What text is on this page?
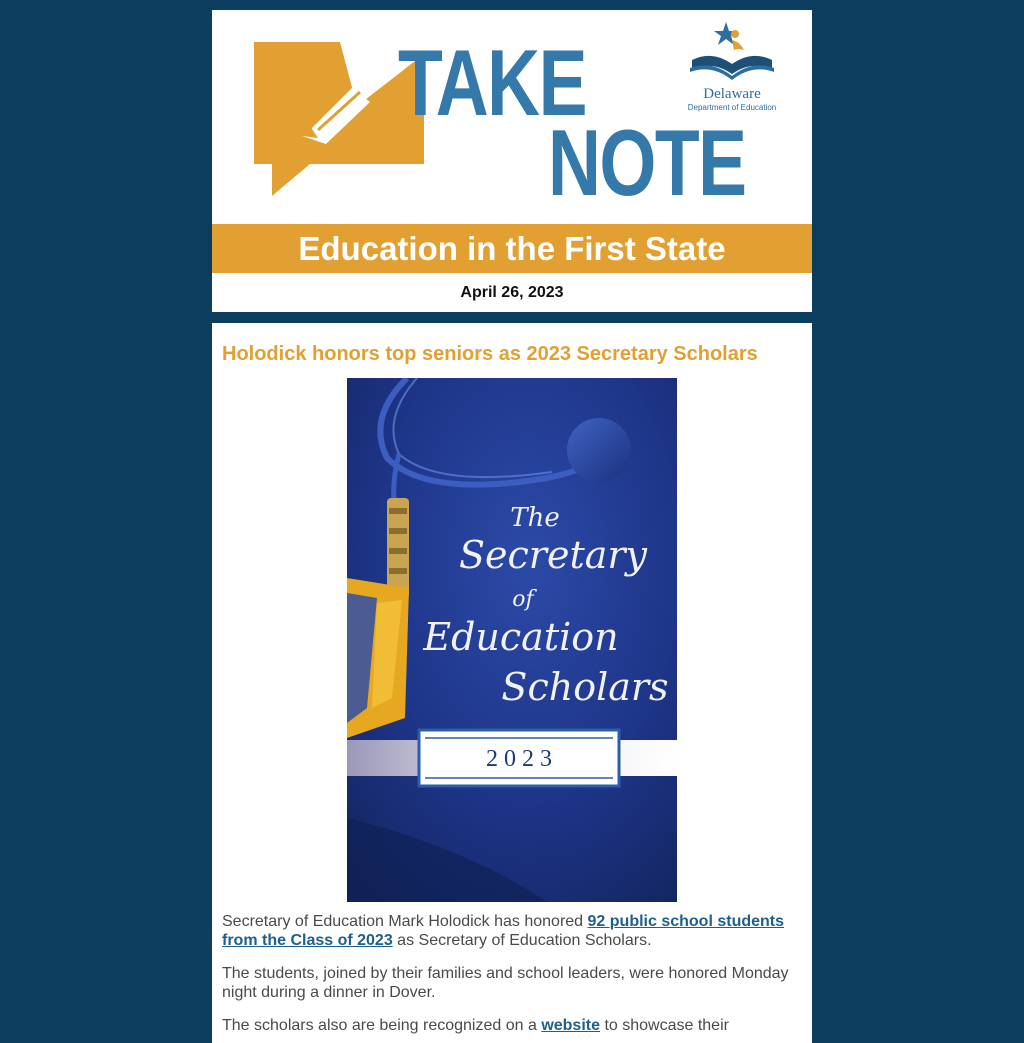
TAKE
NOTE
Delaware
Department of Education
Education in the First State
April 26, 2023
Holodick honors top seniors as 2023 Secretary Scholars
2 0 2 3
The
Secretary
of
Education
Scholars

Secretary of Education Mark Holodick has honored 92 public school students from the Class of 2023 as Secretary of Education Scholars.

The students, joined by their families and school leaders, were honored Monday night during a dinner in Dover.

The scholars also are being recognized on a website to showcase their
